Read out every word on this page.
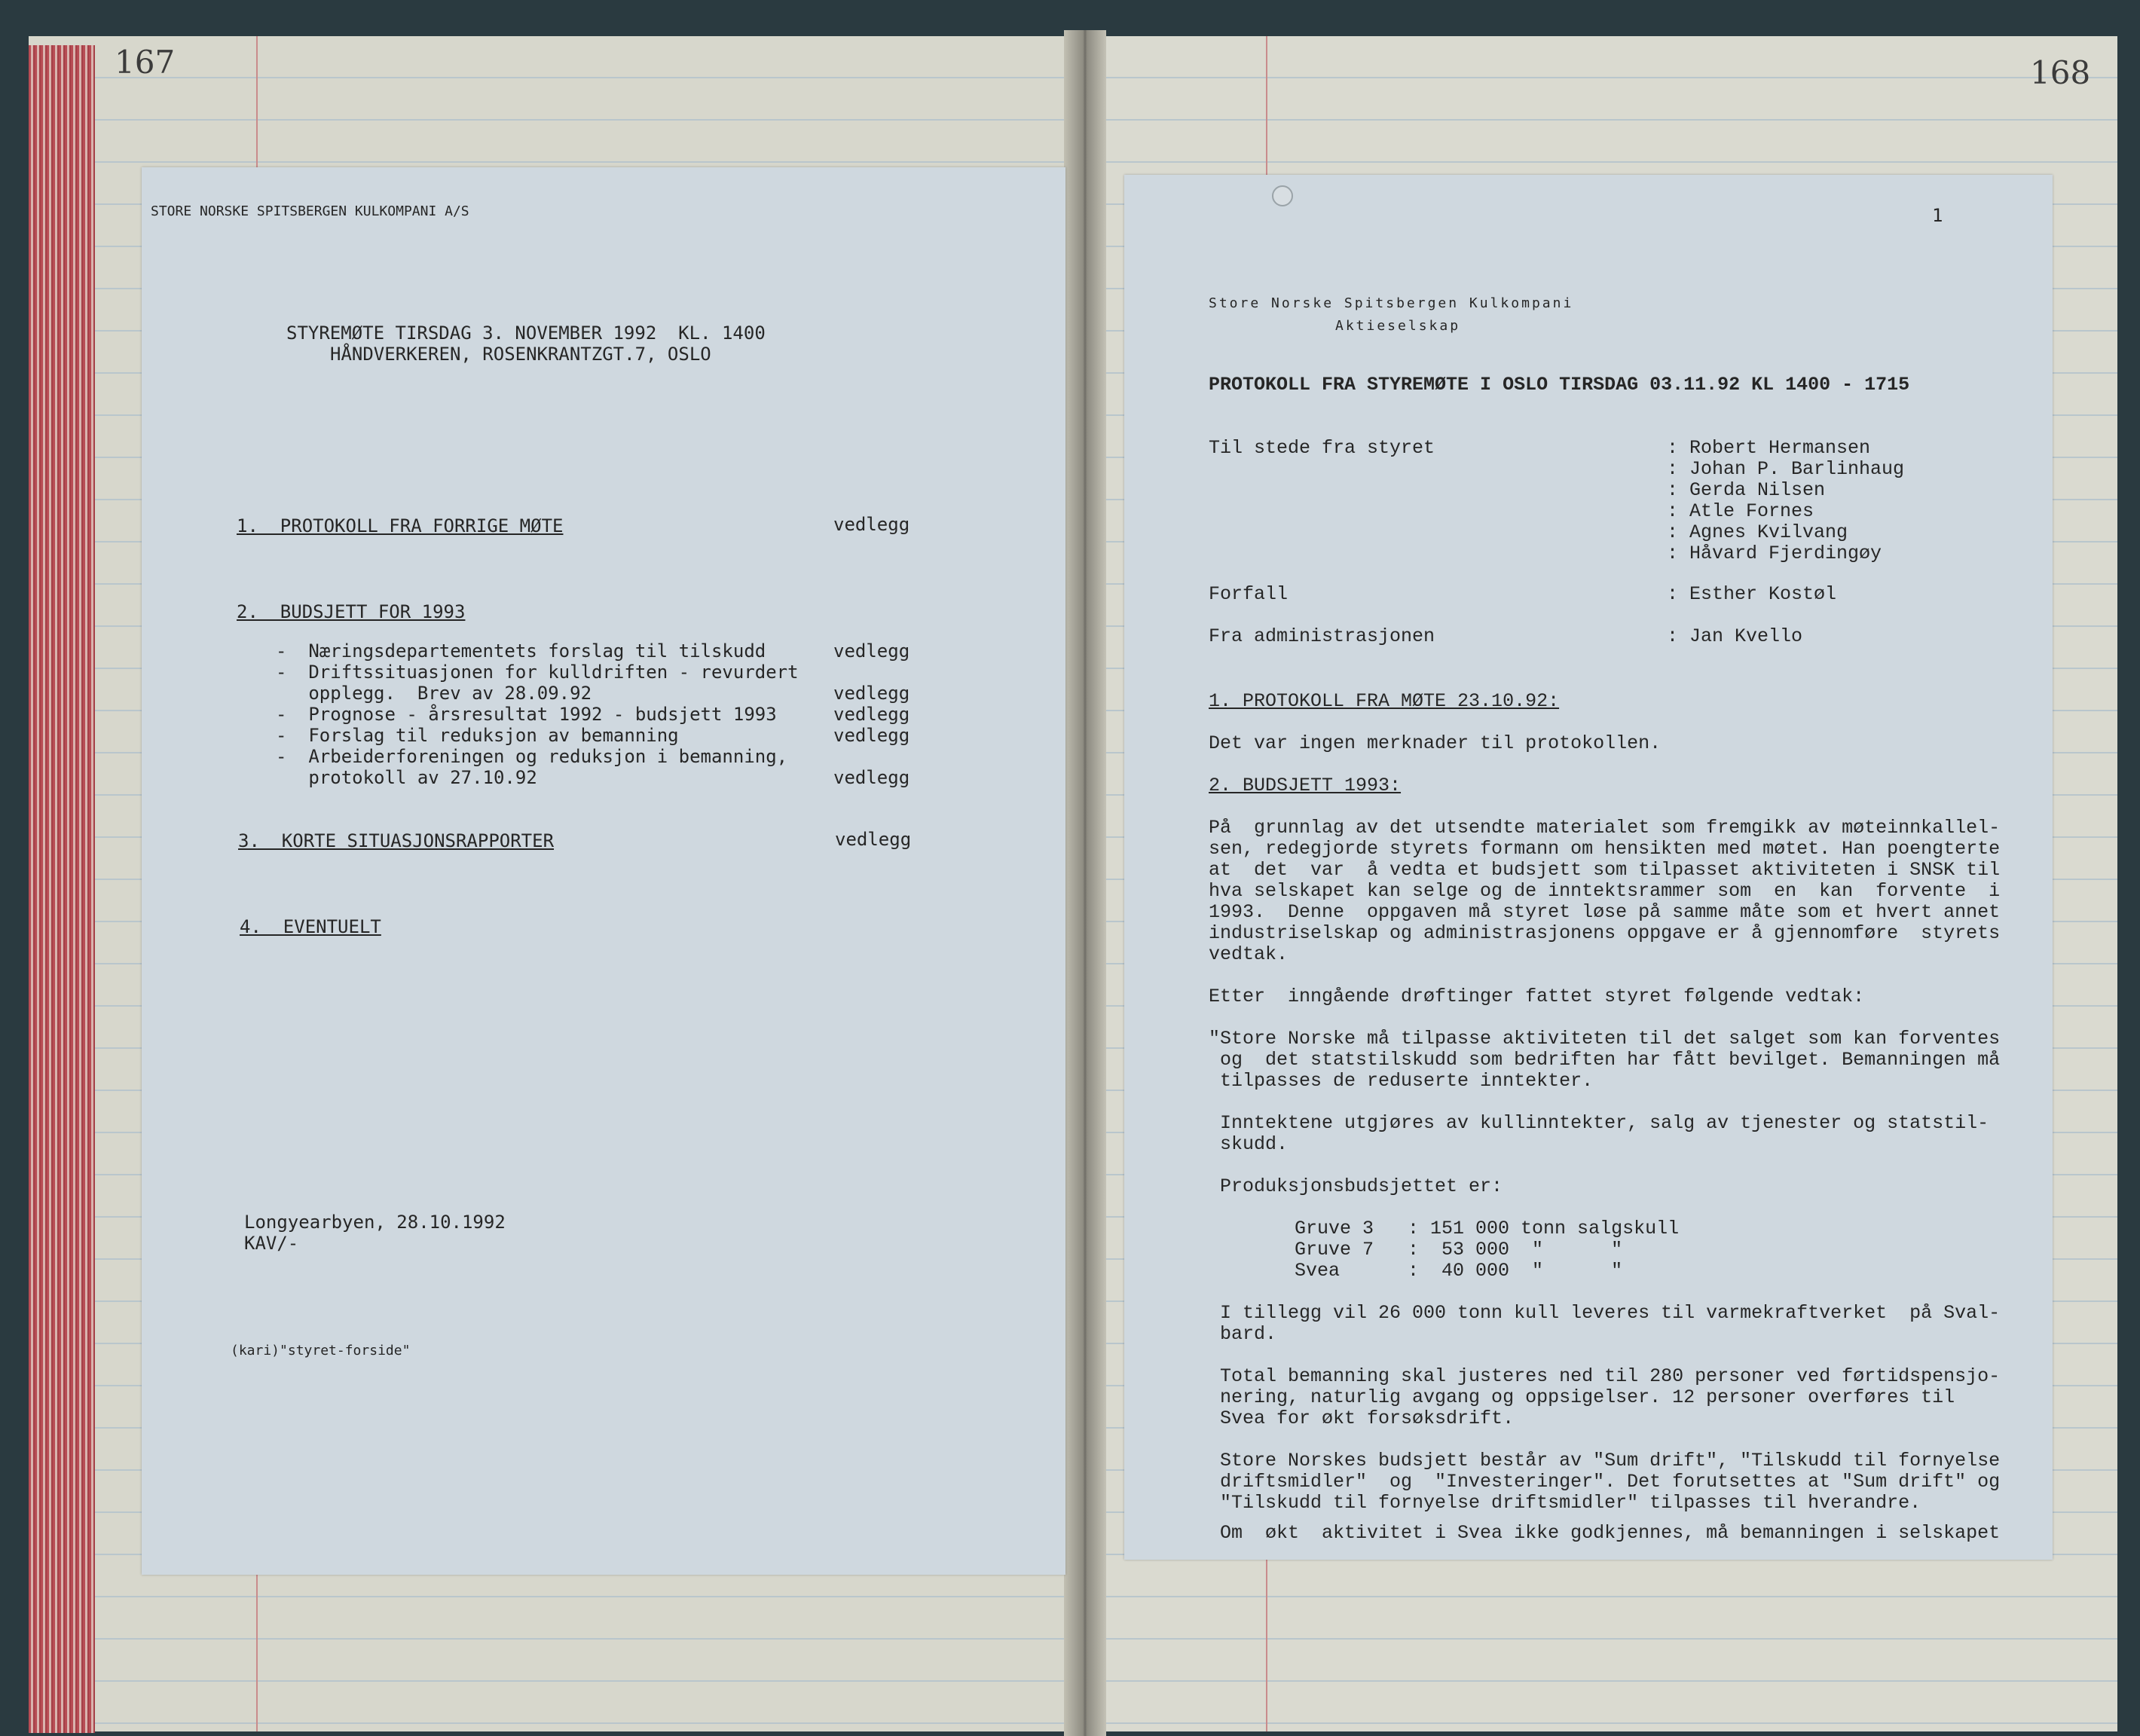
167	168
STORE NORSKE SPITSBERGEN KULKOMPANI A/S
STYREMØTE TIRSDAG 3. NOVEMBER 1992  KL. 1400
HÅNDVERKEREN, ROSENKRANTZGT.7, OSLO
1.  PROTOKOLL FRA FORRIGE MØTE	vedlegg
2.  BUDSJETT FOR 1993
-  Næringsdepartementets forslag til tilskudd	vedlegg
-  Driftssituasjonen for kulldriften - revurdert
opplegg.  Brev av 28.09.92	vedlegg
-  Prognose - årsresultat 1992 - budsjett 1993	vedlegg
-  Forslag til reduksjon av bemanning	vedlegg
-  Arbeiderforeningen og reduksjon i bemanning,
protokoll av 27.10.92	vedlegg
3.  KORTE SITUASJONSRAPPORTER	vedlegg
4.  EVENTUELT
Longyearbyen, 28.10.1992
KAV/-
(kari)"styret-forside"
1
Store Norske Spitsbergen Kulkompani
Aktieselskap
PROTOKOLL FRA STYREMØTE I OSLO TIRSDAG 03.11.92 KL 1400 - 1715
Til stede fra styret	: Robert Hermansen
: Johan P. Barlinhaug
: Gerda Nilsen
: Atle Fornes
: Agnes Kvilvang
: Håvard Fjerdingøy
Forfall	: Esther Kostøl
Fra administrasjonen	: Jan Kvello
1. PROTOKOLL FRA MØTE 23.10.92:
Det var ingen merknader til protokollen.
2. BUDSJETT 1993:
På  grunnlag av det utsendte materialet som fremgikk av møteinnkallel-
sen, redegjorde styrets formann om hensikten med møtet. Han poengterte
at  det  var  å vedta et budsjett som tilpasset aktiviteten i SNSK til
hva selskapet kan selge og de inntektsrammer som  en  kan  forvente  i
1993.  Denne  oppgaven må styret løse på samme måte som et hvert annet
industriselskap og administrasjonens oppgave er å gjennomføre  styrets
vedtak.
Etter  inngående drøftinger fattet styret følgende vedtak:
"Store Norske må tilpasse aktiviteten til det salget som kan forventes
og  det statstilskudd som bedriften har fått bevilget. Bemanningen må
tilpasses de reduserte inntekter.
Inntektene utgjøres av kullinntekter, salg av tjenester og statstil-
skudd.
Produksjonsbudsjettet er:
Gruve 3   : 151 000 tonn salgskull
Gruve 7   :  53 000  "      "
Svea      :  40 000  "      "
I tillegg vil 26 000 tonn kull leveres til varmekraftverket  på Sval-
bard.
Total bemanning skal justeres ned til 280 personer ved førtidspensjo-
nering, naturlig avgang og oppsigelser. 12 personer overføres til
Svea for økt forsøksdrift.
Store Norskes budsjett består av "Sum drift", "Tilskudd til fornyelse
driftsmidler"  og  "Investeringer". Det forutsettes at "Sum drift" og
"Tilskudd til fornyelse driftsmidler" tilpasses til hverandre.
Om  økt  aktivitet i Svea ikke godkjennes, må bemanningen i selskapet
